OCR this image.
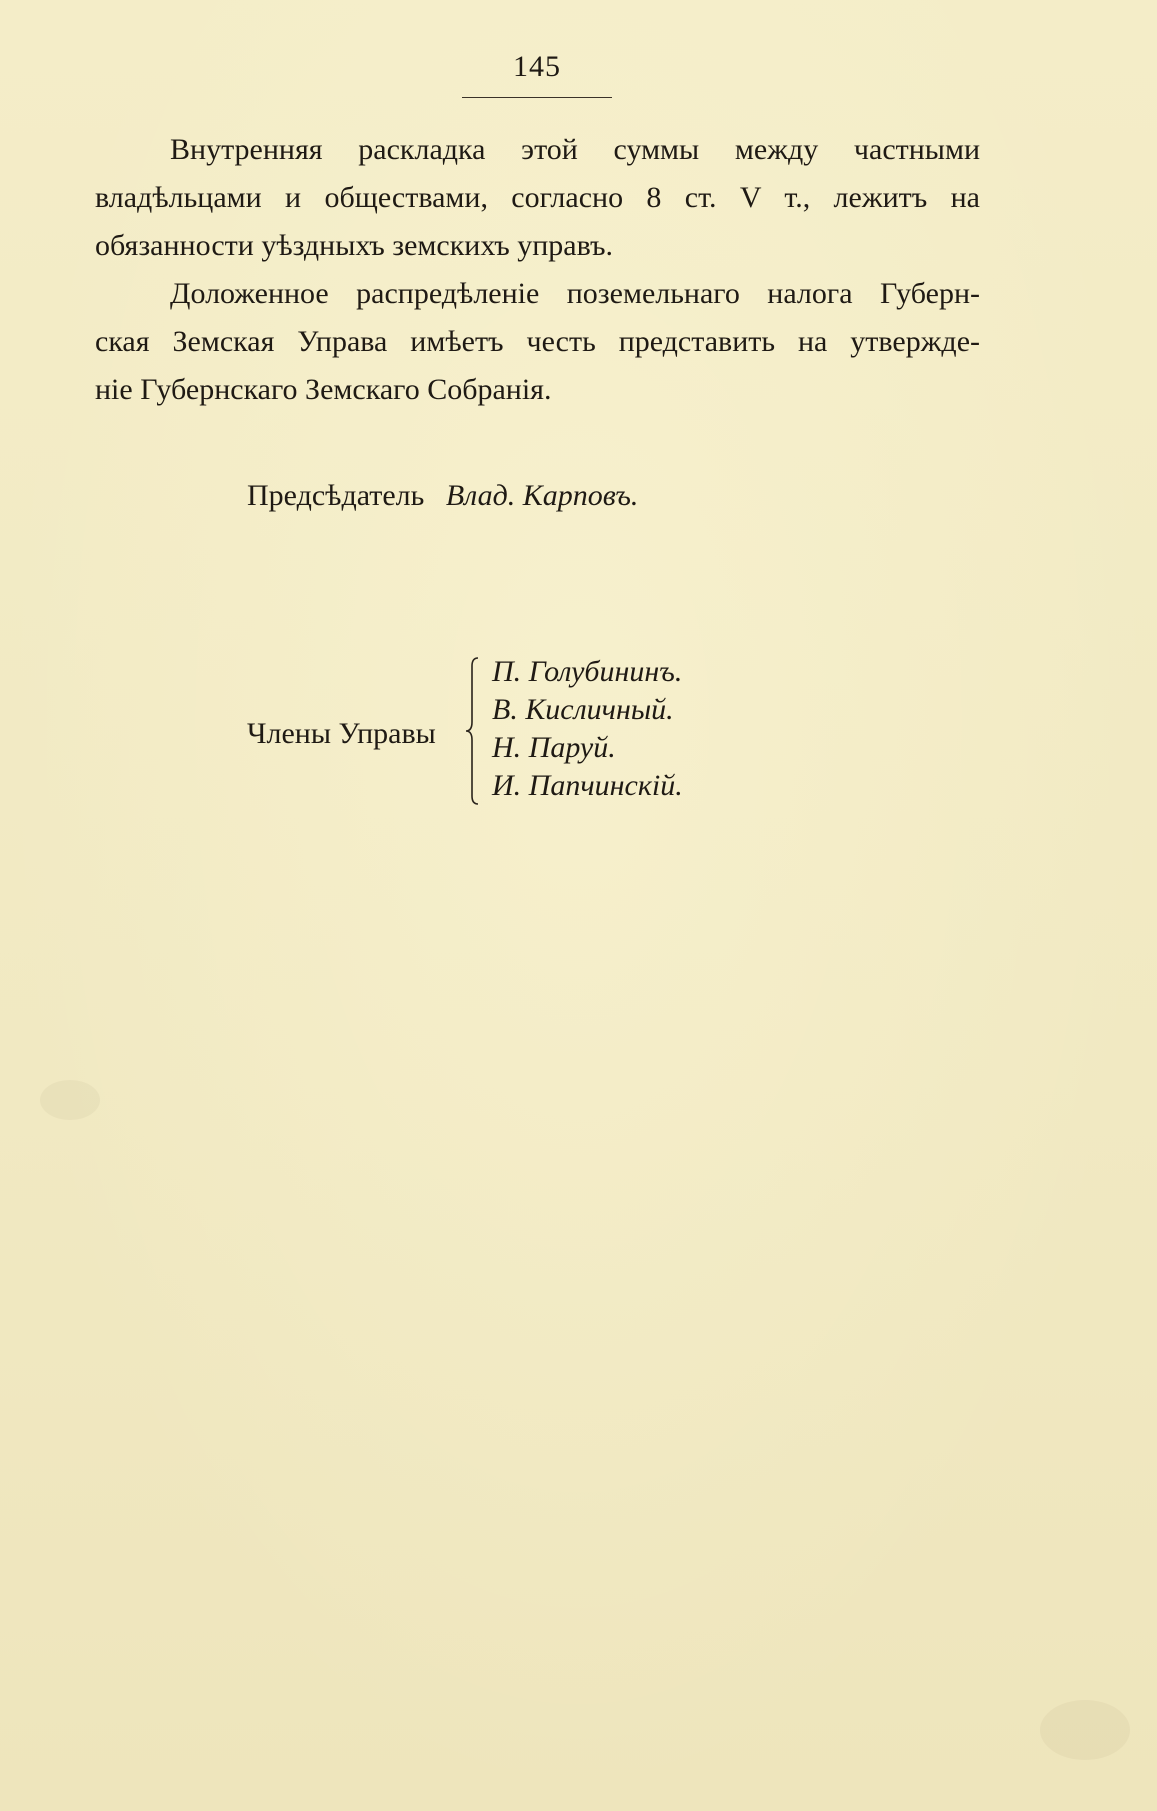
145
Внутренняя раскладка этой суммы между частными
владѣльцами и обществами, согласно 8 ст. V т., лежитъ на
обязанности уѣздныхъ земскихъ управъ.
Доложенное распредѣленіе поземельнаго налога Губерн-
ская Земская Управа имѣетъ честь представить на утвержде-
ніе Губернскаго Земскаго Собранія.
Предсѣдатель Влад. Карповъ.
Члены Управы
П. Голубининъ.
В. Кисличный.
Н. Паруй.
И. Папчинскій.
